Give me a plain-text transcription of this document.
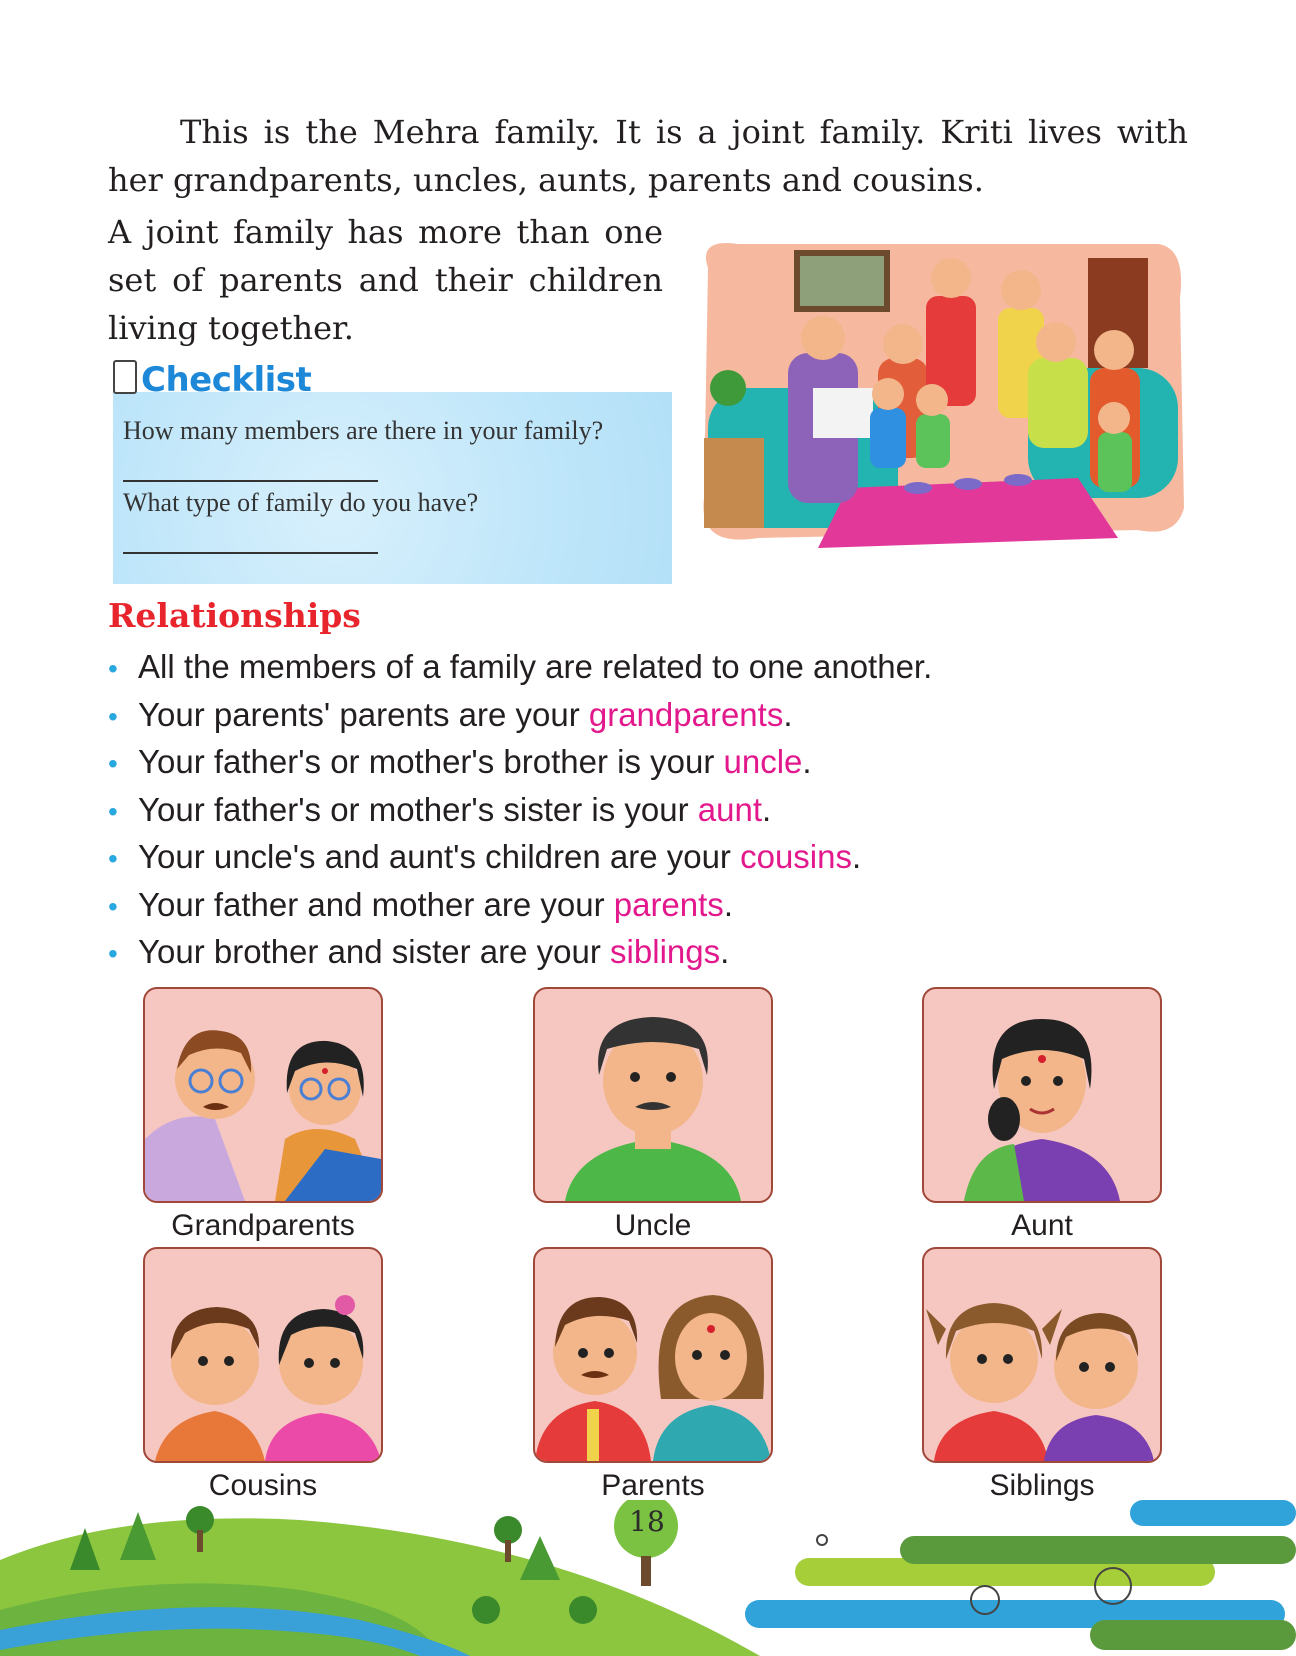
This is the Mehra family. It is a joint family. Kriti lives with her grandparents, uncles, aunts, parents and cousins.

A joint family has more than one set of parents and their children living together.

Checklist
How many members are there in your family?
What type of family do you have?
Relationships
• All the members of a family are related to one another.
• Your parents' parents are your grandparents.
• Your father's or mother's brother is your uncle.
• Your father's or mother's sister is your aunt.
• Your uncle's and aunt's children are your cousins.
• Your father and mother are your parents.
• Your brother and sister are your siblings.
Grandparents	Uncle	Aunt
Cousins	Parents	Siblings
18
